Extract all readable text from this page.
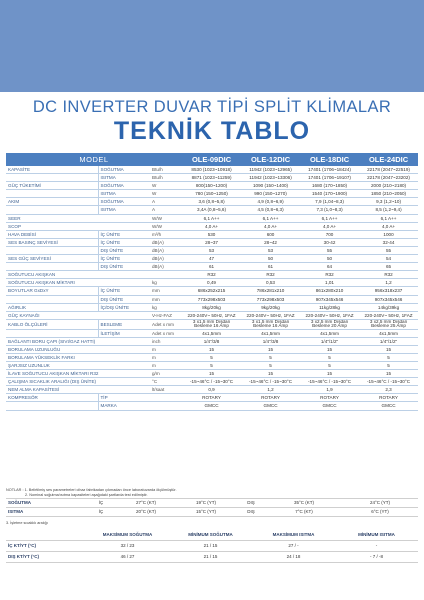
DC INVERTER DUVAR TİPİ SPLİT KLİMALAR
TEKNİK TABLO
MODEL			OLE-09DIC	OLE-12DIC	OLE-18DIC	OLE-24DIC
KAPASİTE	SOĞUTMA	Btu/h	8530 (1023~10918)	11942 (1023~12965)	17401 (1706~18424)	22178 (2047~22519)
	ISITMA	Btu/h	8871 (1023~11259)	11942 (1023~13306)	17401 (1706~19107)	22178 (2047~23202)
GÜÇ TÜKETİMİ	SOĞUTMA	W	800(150~1200)	1090 (150~1400)	1680 (170~1850)	2000 (210~2180)
	ISITMA	W	780 (150~1250)	990 (150~1270)	1540 (170~1900)	1850 (210~2050)
AKIM	SOĞUTMA	A	3,6 (0,8~5,8)	4,9 (0,8~6,9)	7,9 (1,04~8,3)	9,3 (1,2~10)
	ISITMA	A	3,4A (0,8~5,6)	4,5 (0,8~6,3)	7,3 (1,0~8,3)	8,5 (1,2~9,4)
SEER		W/W	6,1 A++	6,1 A++	6,1 A++	6,1 A++
SCOP		W/W	4,0 A+	4,0 A+	4,0 A+	4,0 A+
HAVA DEBİSİ	İÇ ÜNİTE	m³/h	530	600	700	1000
SES BASINÇ SEVİYESİ	İÇ ÜNİTE	dB(A)	28~37	28~42	30-42	32-44
	DIŞ ÜNİTE	dB(A)	53	53	55	55
SES GÜÇ SEVİYESİ	İÇ ÜNİTE	dB(A)	47	50	50	54
	DIŞ ÜNİTE	dB(A)	61	61	64	65
SOĞUTUCU AKIŞKAN			R32	R32	R32	R32
SOĞUTUCU AKIŞKAN MİKTARI		kg	0,49	0,53	1,01	1,2
BOYUTLAR GxDxY	İÇ ÜNİTE	mm	686x252x215	786x281x210	861x280x210	956x318x237
	DIŞ ÜNİTE	mm	773x298x503	773x298x503	907x345x546	907x345x546
AĞIRLIK	İÇ/DIŞ ÜNİTE	kg	8kg/20kg	9kg/20kg	11kg/28kg	14kg/39kg
GÜÇ KAYNAĞI		V-Hz-FAZ	220-240V~ 50Hz, 1FAZ	220-240V~ 50Hz, 1FAZ	220-240V~ 50Hz, 1FAZ	220-240V~ 50Hz, 1FAZ
KABLO ÖLÇÜLERİ	BESLEME	Adet x mm	3 x1,5 mm Dışdan Besleme 16 Amp	3 x1,5 mm Dışdan Besleme 16 Amp	3 x2,5 mm Dışdan Besleme 20 Amp	3 x2,5 mm Dışdan Besleme 25 Amp
	İLETİŞİM	Adet x mm	4x1,5mm	4x1,5mm	4x1,5mm	4x1,5mm
BAĞLANTI BORU ÇAPI (SIVI/GAZ HATTI)		inch	1/4"/3/8	1/4"/3/8	1/4"/1/2"	1/4"/1/2"
BORULAMA UZUNLUĞU		m	15	15	15	15
BORULAMA YÜKSEKLİK FARKI		m	5	5	5	5
ŞARJSIZ UZUNLUK		m	5	5	5	5
İLAVE SOĞUTUCU AKIŞKAN MİKTARI R32		g/m	15	15	15	15
ÇALIŞMA SICAKLIK ARALIĞI (DIŞ ÜNİTE)		°C	-15~46°C / -15~30°C	-15~46°C / -15~30°C	-15~46°C / -15~30°C	-15~46°C / -15~30°C
NEM ALMA KAPASİTESİ		lt/saat	0,9	1,2	1,9	2,3
KOMPRESÖR	TİP		ROTARY	ROTARY	ROTARY	ROTARY
	MARKA		GMCC	GMCC	GMCC	GMCC
NOTLAR : 1. Belirtilmiş ses parametreleri cihaz fabrikadan çıkmadan önce laboratuvarda ölçülmüştür.
2. Nominal soğutma/ısıtma kapasiteleri aşağıdaki şartlarda test edilmiştir.
SOĞUTMA	İÇ	27°C (KT)	19°C (YT)	DIŞ	35°C (KT)	24°C (YT)
ISITMA	İÇ	20°C (KT)	15°C (YT)	DIŞ	7°C (KT)	6°C (YT)
3. İşletme sıcaklık aralığı
	MAKSİMUM SOĞUTMA	MİNİMUM SOĞUTMA	MAKSİMUM ISITMA	MİNİMUM ISITMA
İÇ KT/YT (°C)	32 / 23	21 / 15	27 / -	-
DIŞ KT/YT (°C)	46 / 27	21 / 15	24 / 18	- 7 / -8
